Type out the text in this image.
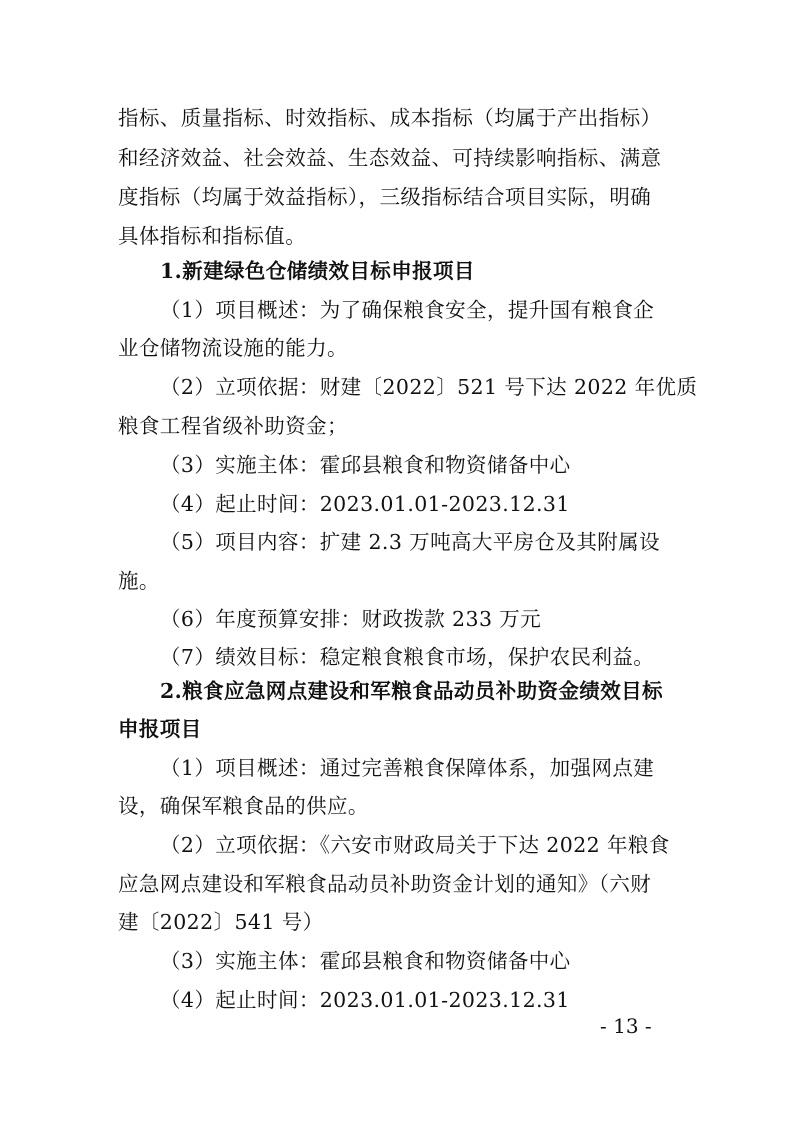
指标、质量指标、时效指标、成本指标（均属于产出指标）
和经济效益、社会效益、生态效益、可持续影响指标、满意
度指标（均属于效益指标），三级指标结合项目实际，明确
具体指标和指标值。
1.新建绿色仓储绩效目标申报项目
（1）项目概述：为了确保粮食安全，提升国有粮食企
业仓储物流设施的能力。
（2）立项依据：财建〔2022〕521 号下达 2022 年优质
粮食工程省级补助资金；
（3）实施主体：霍邱县粮食和物资储备中心
（4）起止时间：2023.01.01-2023.12.31
（5）项目内容：扩建 2.3 万吨高大平房仓及其附属设
施。
（6）年度预算安排：财政拨款 233 万元
（7）绩效目标：稳定粮食粮食市场，保护农民利益。
2.粮食应急网点建设和军粮食品动员补助资金绩效目标
申报项目
（1）项目概述：通过完善粮食保障体系，加强网点建
设，确保军粮食品的供应。
（2）立项依据：《六安市财政局关于下达 2022 年粮食
应急网点建设和军粮食品动员补助资金计划的通知》（六财
建〔2022〕541 号）
（3）实施主体：霍邱县粮食和物资储备中心
（4）起止时间：2023.01.01-2023.12.31
- 13 -
